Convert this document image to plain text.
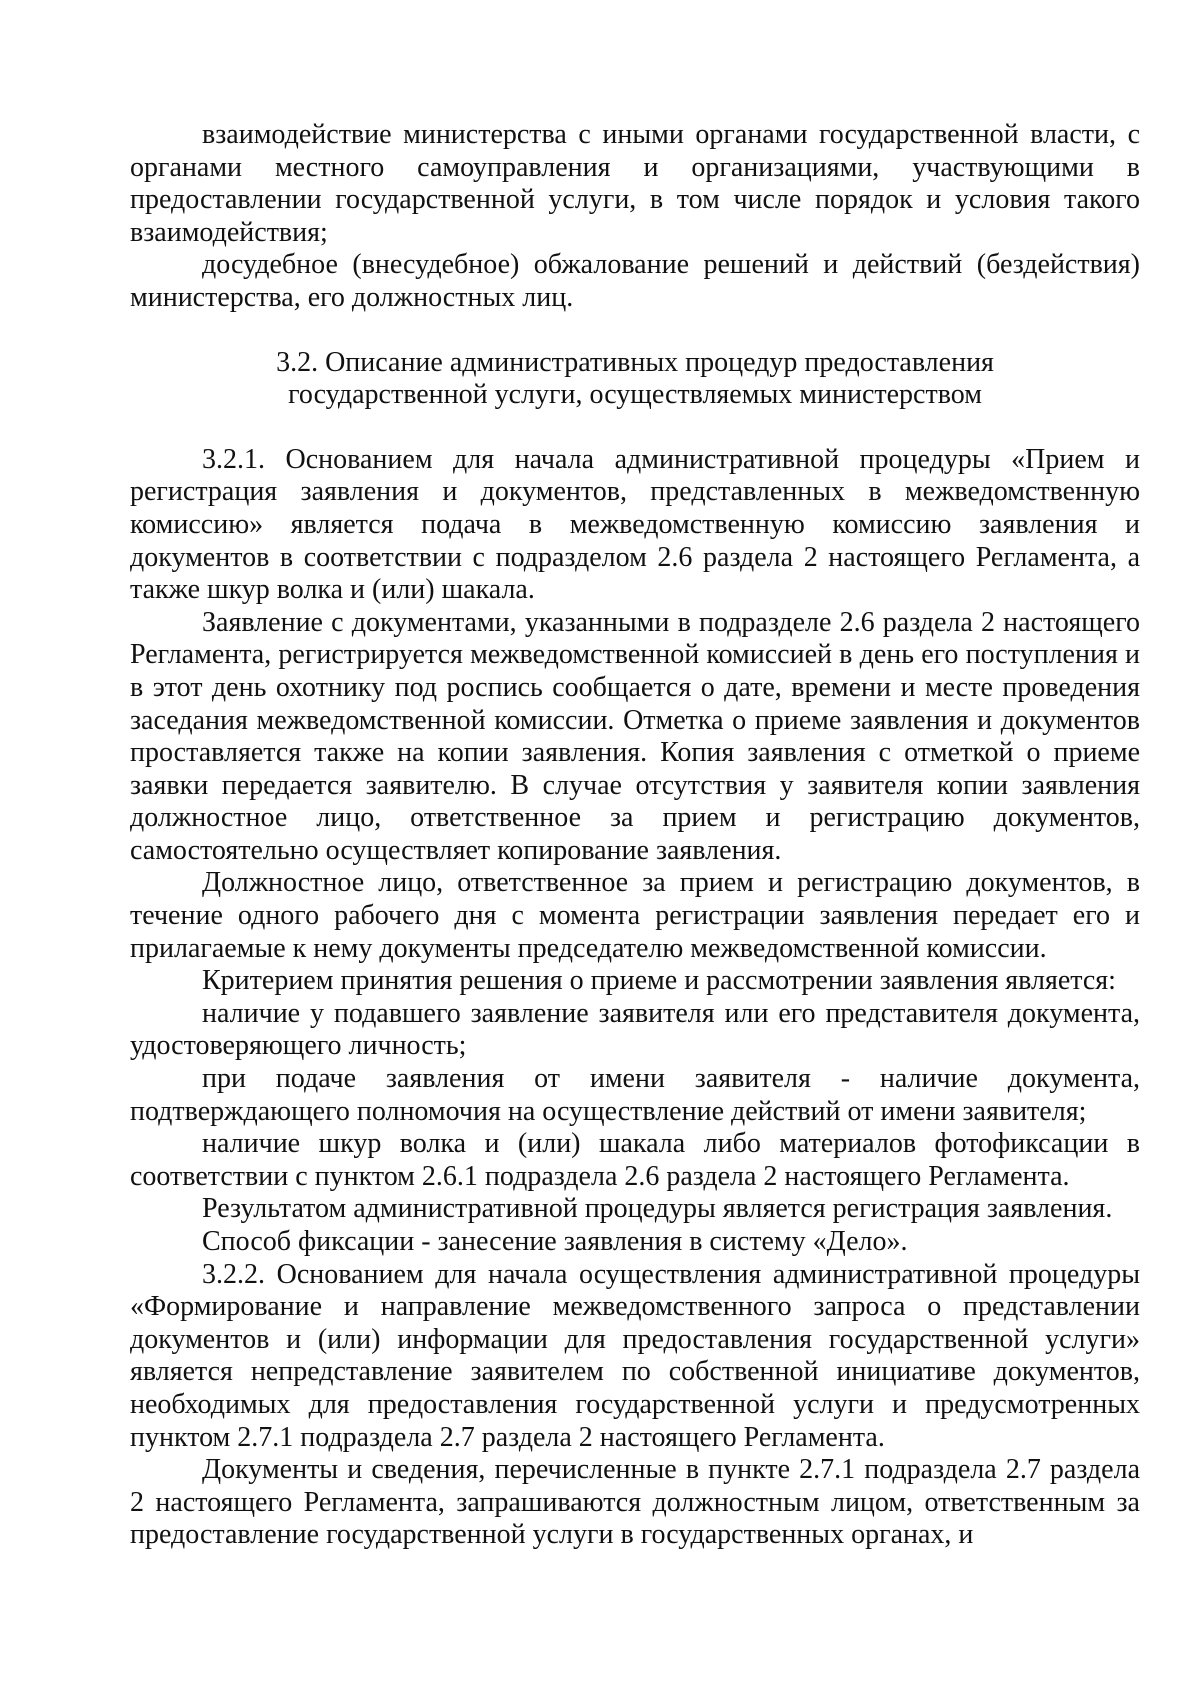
взаимодействие министерства с иными органами государственной власти, с органами местного самоуправления и организациями, участвующими в предоставлении государственной услуги, в том числе порядок и условия такого взаимодействия;

досудебное (внесудебное) обжалование решений и действий (бездействия) министерства, его должностных лиц.

3.2. Описание административных процедур предоставления
государственной услуги, осуществляемых министерством

3.2.1. Основанием для начала административной процедуры «Прием и регистрация заявления и документов, представленных в межведомственную комиссию» является подача в межведомственную комиссию заявления и документов в соответствии с подразделом 2.6 раздела 2 настоящего Регламента, а также шкур волка и (или) шакала.

Заявление с документами, указанными в подразделе 2.6 раздела 2 настоящего Регламента, регистрируется межведомственной комиссией в день его поступления и в этот день охотнику под роспись сообщается о дате, времени и месте проведения заседания межведомственной комиссии. Отметка о приеме заявления и документов проставляется также на копии заявления. Копия заявления с отметкой о приеме заявки передается заявителю. В случае отсутствия у заявителя копии заявления должностное лицо, ответственное за прием и регистрацию документов, самостоятельно осуществляет копирование заявления.

Должностное лицо, ответственное за прием и регистрацию документов, в течение одного рабочего дня с момента регистрации заявления передает его и прилагаемые к нему документы председателю межведомственной комиссии.

Критерием принятия решения о приеме и рассмотрении заявления является:

наличие у подавшего заявление заявителя или его представителя документа, удостоверяющего личность;

при подаче заявления от имени заявителя - наличие документа, подтверждающего полномочия на осуществление действий от имени заявителя;

наличие шкур волка и (или) шакала либо материалов фотофиксации в соответствии с пунктом 2.6.1 подраздела 2.6 раздела 2 настоящего Регламента.

Результатом административной процедуры является регистрация заявления.

Способ фиксации - занесение заявления в систему «Дело».

3.2.2. Основанием для начала осуществления административной процедуры «Формирование и направление межведомственного запроса о представлении документов и (или) информации для предоставления государственной услуги» является непредставление заявителем по собственной инициативе документов, необходимых для предоставления государственной услуги и предусмотренных пунктом 2.7.1 подраздела 2.7 раздела 2 настоящего Регламента.

Документы и сведения, перечисленные в пункте 2.7.1 подраздела 2.7 раздела 2 настоящего Регламента, запрашиваются должностным лицом, ответственным за предоставление государственной услуги в государственных органах, и
